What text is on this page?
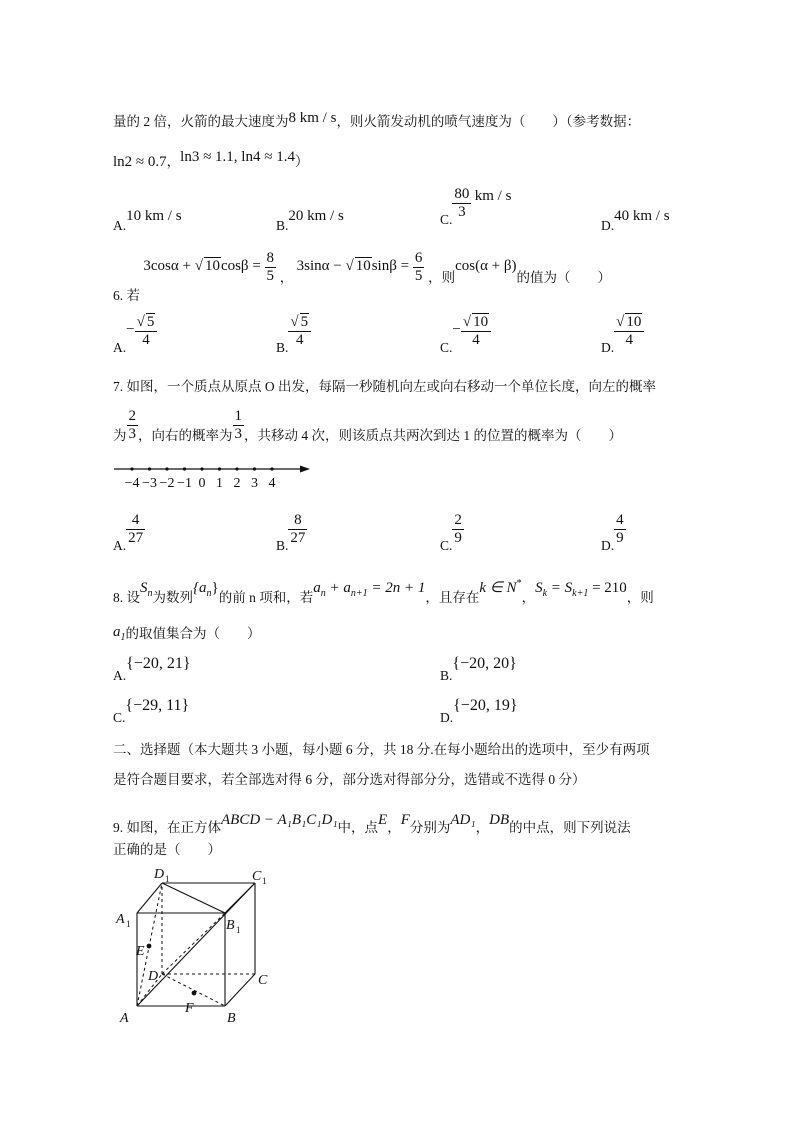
量的 2 倍，火箭的最大速度为8 km / s，则火箭发动机的喷气速度为（　　）（参考数据：
ln2 ≈ 0.7，ln3 ≈ 1.1, ln4 ≈ 1.4）
A.10 km / s
B.20 km / s	C. $\frac{80}{3}$ km / s
D.40 km / s
6. 若 3cosα + √ $10\cos\beta = \frac{8}{5}$ ， 3sinα − √ $10\sin\beta = \frac{6}{5}$ ，则cos(α + β)的值为（　　）
$A.- \frac{√ 5}{4}$	B. $\frac{√ 5}{4}$	$C.- \frac{√ 10}{4}$	D. $\frac{√ 10}{4}$
7. 如图，一个质点从原点 O 出发，每隔一秒随机向左或向右移动一个单位长度，向左的概率
为 $\frac{2}{3}$ ，向右的概率为 $\frac{1}{3}$ ，共移动 4 次，则该质点共两次到达 1 的位置的概率为（　　）
−4 −3 −2 −1 0 1 2 3 4
A. $\frac{4}{27}$	B. $\frac{8}{27}$	C. $\frac{2}{9}$	D. $\frac{4}{9}$
8. 设$S_n$为数列$\{a_n\}$的前 n 项和，若$a_n + a_{n+1} = 2n + 1$，且存在k ∈ N*，$S_k = S_{k+1} = 210$，则
$a_1$的取值集合为（　　）
A.{−20, 21}
B.{−20, 20}
C.{−29, 11}
D.{−20, 19}
二、选择题（本大题共 3 小题，每小题 6 分，共 18 分.在每小题给出的选项中，至少有两项
是符合题目要求，若全部选对得 6 分，部分选对得部分分，选错或不选得 0 分）
9. 如图，在正方体ABCD − A₁B₁C₁D₁中，点E，F分别为AD₁，DB的中点，则下列说法
正确的是（　　）
A	B
C
D
A 1	B 1
C 1
D 1
E
F
